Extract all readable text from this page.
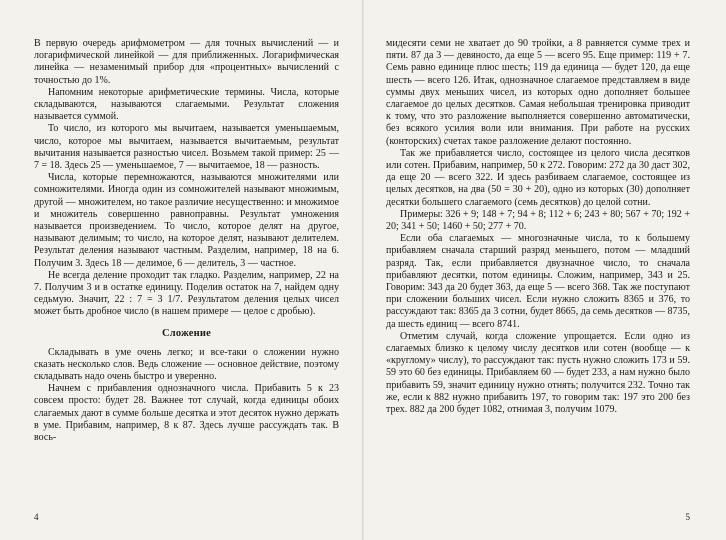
В первую очередь арифмометром — для точных вычислений — и логарифмической линейкой — для приближенных. Логарифмическая линейка — незаменимый прибор для «процентных» вычислений с точностью до 1%.

Напомним некоторые арифметические термины. Числа, которые складываются, называются слагаемыми. Результат сложения называется суммой.

То число, из которого мы вычитаем, называется уменьшаемым, число, которое мы вычитаем, называется вычитаемым, результат вычитания называется разностью чисел. Возьмем такой пример: 25 — 7 = 18. Здесь 25 — уменьшаемое, 7 — вычитаемое, 18 — разность.

Числа, которые перемножаются, называются множителями или сомножителями. Иногда один из сомножителей называют множимым, другой — множителем, но такое различие несущественно: и множимое и множитель совершенно равноправны. Результат умножения называется произведением. То число, которое делят на другое, называют делимым; то число, на которое делят, называют делителем. Результат деления называют частным. Разделим, например, 18 на 6. Получим 3. Здесь 18 — делимое, 6 — делитель, 3 — частное.

Не всегда деление проходит так гладко. Разделим, например, 22 на 7. Получим 3 и в остатке единицу. Поделив остаток на 7, найдем одну седьмую. Значит, 22 : 7 = 3 1/7. Результатом деления целых чисел может быть дробное число (в нашем примере — целое с дробью).

Сложение

Складывать в уме очень легко; и все-таки о сложении нужно сказать несколько слов. Ведь сложение — основное действие, поэтому складывать надо очень быстро и уверенно.

Начнем с прибавления однозначного числа. Прибавить 5 к 23 совсем просто: будет 28. Важнее тот случай, когда единицы обоих слагаемых дают в сумме больше десятка и этот десяток нужно держать в уме. Прибавим, например, 8 к 87. Здесь лучше рассуждать так. В вось-

4

мидесяти семи не хватает до 90 тройки, а 8 равняется сумме трех и пяти. 87 да 3 — девяносто, да еще 5 — всего 95. Еще пример: 119 + 7. Семь равно единице плюс шесть; 119 да единица — будет 120, да еще шесть — всего 126. Итак, однозначное слагаемое представляем в виде суммы двух меньших чисел, из которых одно дополняет большее слагаемое до целых десятков. Самая небольшая тренировка приводит к тому, что это разложение выполняется совершенно автоматически, без всякого усилия воли или внимания. При работе на русских (конторских) счетах такое разложение делают постоянно.

Так же прибавляется число, состоящее из целого числа десятков или сотен. Прибавим, например, 50 к 272. Говорим: 272 да 30 даст 302, да еще 20 — всего 322. И здесь разбиваем слагаемое, состоящее из целых десятков, на два (50 = 30 + 20), одно из которых (30) дополняет десятки большего слагаемого (семь десятков) до целой сотни.

Примеры: 326 + 9; 148 + 7; 94 + 8; 112 + 6; 243 + 80; 567 + 70; 192 + 20; 341 + 50; 1460 + 50; 277 + 70.

Если оба слагаемых — многозначные числа, то к большему прибавляем сначала старший разряд меньшего, потом — младший разряд. Так, если прибавляется двузначное число, то сначала прибавляют десятки, потом единицы. Сложим, например, 343 и 25. Говорим: 343 да 20 будет 363, да еще 5 — всего 368. Так же поступают при сложении больших чисел. Если нужно сложить 8365 и 376, то рассуждают так: 8365 да 3 сотни, будет 8665, да семь десятков — 8735, да шесть единиц — всего 8741.

Отметим случай, когда сложение упрощается. Если одно из слагаемых близко к целому числу десятков или сотен (вообще — к «круглому» числу), то рассуждают так: пусть нужно сложить 173 и 59. 59 это 60 без единицы. Прибавляем 60 — будет 233, а нам нужно было прибавить 59, значит единицу нужно отнять; получится 232. Точно так же, если к 882 нужно прибавить 197, то говорим так: 197 это 200 без трех. 882 да 200 будет 1082, отнимая 3, получим 1079.

5
